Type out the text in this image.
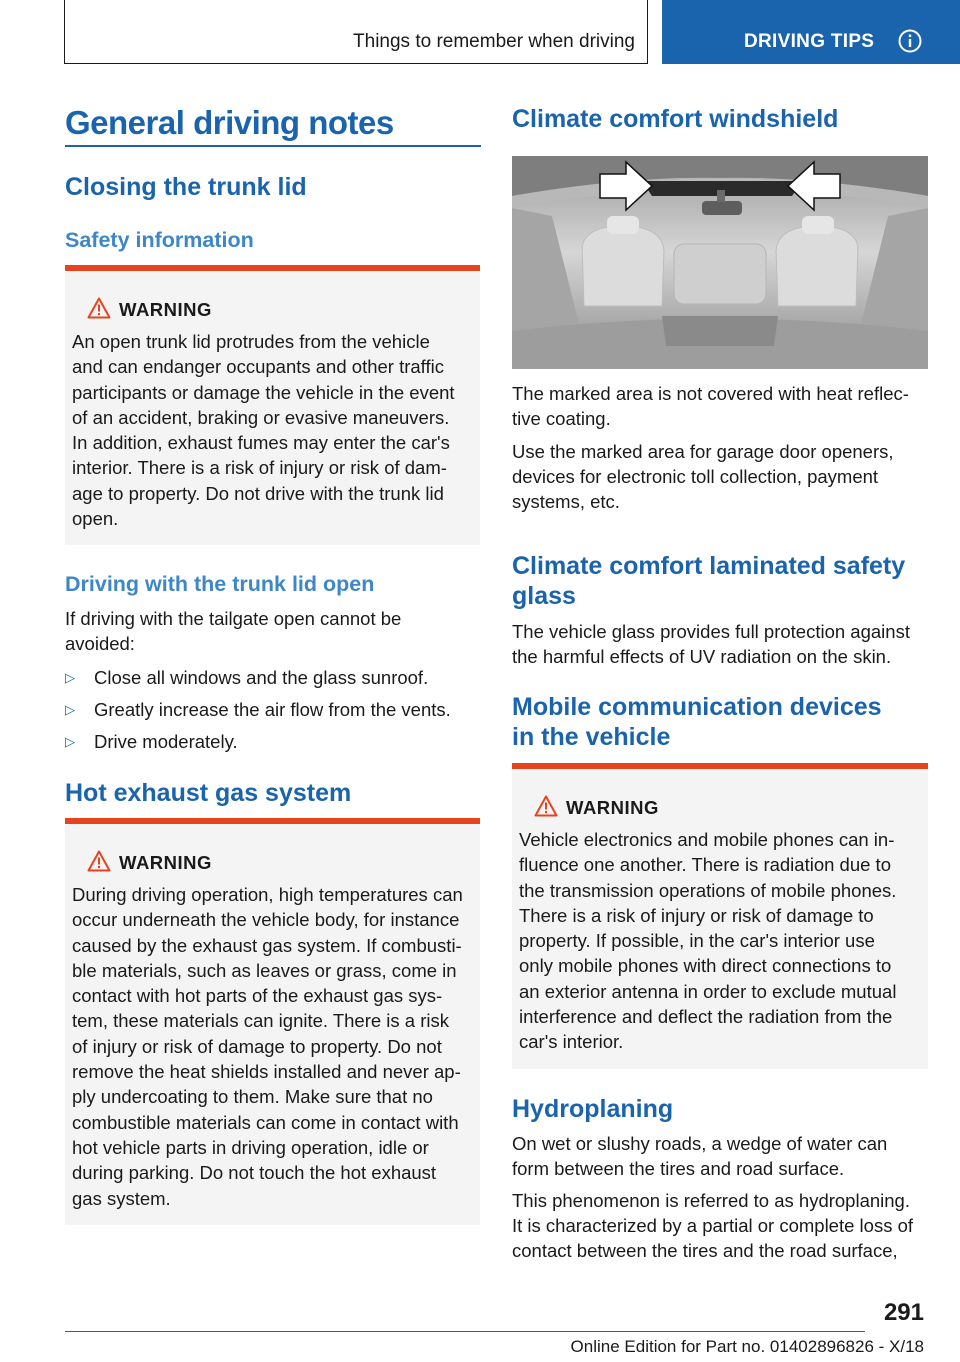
Things to remember when driving	DRIVING TIPS
General driving notes
Closing the trunk lid
Safety information
WARNING
An open trunk lid protrudes from the vehicle
and can endanger occupants and other traffic
participants or damage the vehicle in the event
of an accident, braking or evasive maneuvers.
In addition, exhaust fumes may enter the car's
interior. There is a risk of injury or risk of dam-
age to property. Do not drive with the trunk lid
open.
Driving with the trunk lid open
If driving with the tailgate open cannot be
avoided:
▷ Close all windows and the glass sunroof.
▷ Greatly increase the air flow from the vents.
▷ Drive moderately.
Hot exhaust gas system
WARNING
During driving operation, high temperatures can
occur underneath the vehicle body, for instance
caused by the exhaust gas system. If combusti-
ble materials, such as leaves or grass, come in
contact with hot parts of the exhaust gas sys-
tem, these materials can ignite. There is a risk
of injury or risk of damage to property. Do not
remove the heat shields installed and never ap-
ply undercoating to them. Make sure that no
combustible materials can come in contact with
hot vehicle parts in driving operation, idle or
during parking. Do not touch the hot exhaust
gas system.
Climate comfort windshield
The marked area is not covered with heat reflec-
tive coating.
Use the marked area for garage door openers,
devices for electronic toll collection, payment
systems, etc.
Climate comfort laminated safety
glass
The vehicle glass provides full protection against
the harmful effects of UV radiation on the skin.
Mobile communication devices
in the vehicle
WARNING
Vehicle electronics and mobile phones can in-
fluence one another. There is radiation due to
the transmission operations of mobile phones.
There is a risk of injury or risk of damage to
property. If possible, in the car's interior use
only mobile phones with direct connections to
an exterior antenna in order to exclude mutual
interference and deflect the radiation from the
car's interior.
Hydroplaning
On wet or slushy roads, a wedge of water can
form between the tires and road surface.
This phenomenon is referred to as hydroplaning.
It is characterized by a partial or complete loss of
contact between the tires and the road surface,
291
Online Edition for Part no. 01402896826 - X/18
